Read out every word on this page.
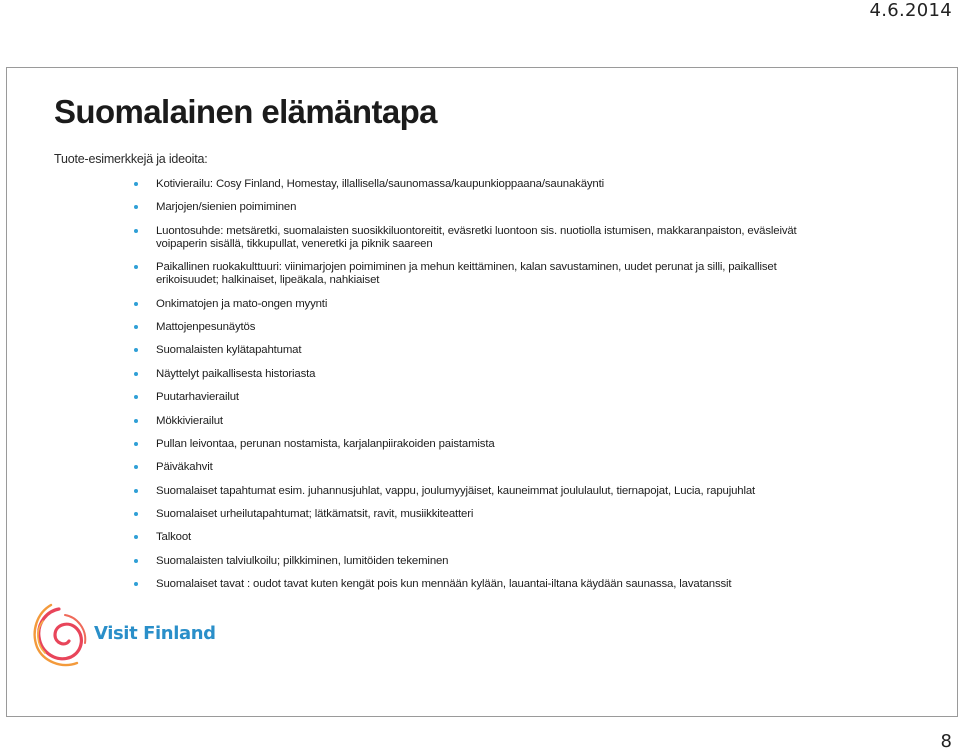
4.6.2014
Suomalainen elämäntapa

Tuote-esimerkkejä ja ideoita:

Kotivierailu: Cosy Finland, Homestay, illallisella/saunomassa/kaupunkioppaana/saunakäynti
Marjojen/sienien poimiminen
Luontosuhde: metsäretki, suomalaisten suosikkiluontoreitit, eväsretki luontoon sis. nuotiolla istumisen, makkaranpaiston, eväsleivät voipaperin sisällä, tikkupullat, veneretki ja piknik saareen
Paikallinen ruokakulttuuri: viinimarjojen poimiminen ja mehun keittäminen, kalan savustaminen, uudet perunat ja silli, paikalliset erikoisuudet; halkinaiset, lipeäkala, nahkiaiset
Onkimatojen ja mato-ongen myynti
Mattojenpesunäytös
Suomalaisten kylätapahtumat
Näyttelyt paikallisesta historiasta
Puutarhavierailut
Mökkivierailut
Pullan leivontaa, perunan nostamista, karjalanpiirakoiden paistamista
Päiväkahvit
Suomalaiset tapahtumat esim. juhannusjuhlat, vappu, joulumyyjäiset, kauneimmat joululaulut, tiernapojat, Lucia, rapujuhlat
Suomalaiset urheilutapahtumat; lätkämatsit, ravit, musiikkiteatteri
Talkoot
Suomalaisten talviulkoilu; pilkkiminen, lumitöiden tekeminen
Suomalaiset tavat : oudot tavat kuten kengät pois kun mennään kylään, lauantai-iltana käydään saunassa, lavatanssit
Visit Finland
8
